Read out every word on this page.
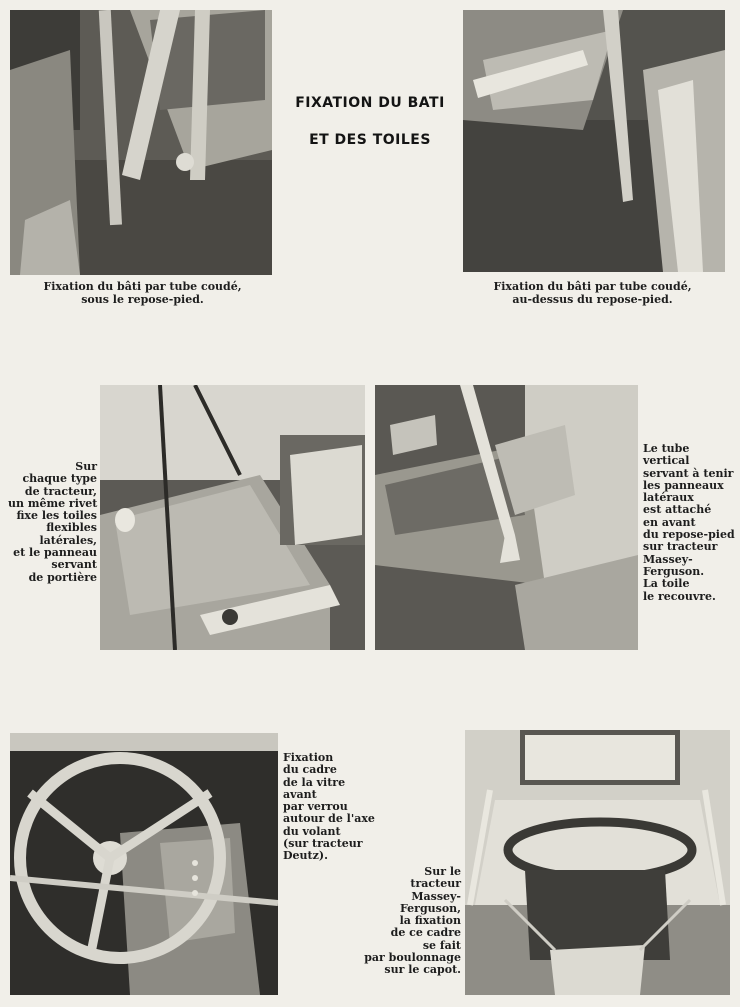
FIXATION DU BATI
ET DES TOILES
Fixation du bâti par tube coudé,
sous le repose-pied.
Fixation du bâti par tube coudé,
au-dessus du repose-pied.
Sur
chaque type
de tracteur,
un même rivet
fixe les toiles
flexibles
latérales,
et le panneau
servant
de portière
Le tube
vertical
servant à tenir
les panneaux
latéraux
est attaché
en avant
du repose-pied
sur tracteur
Massey-
Ferguson.
La toile
le recouvre.
Fixation
du cadre
de la vitre
avant
par verrou
autour de l'axe
du volant
(sur tracteur
Deutz).
Sur le
tracteur
Massey-
Ferguson,
la fixation
de ce cadre
se fait
par boulonnage
sur le capot.
